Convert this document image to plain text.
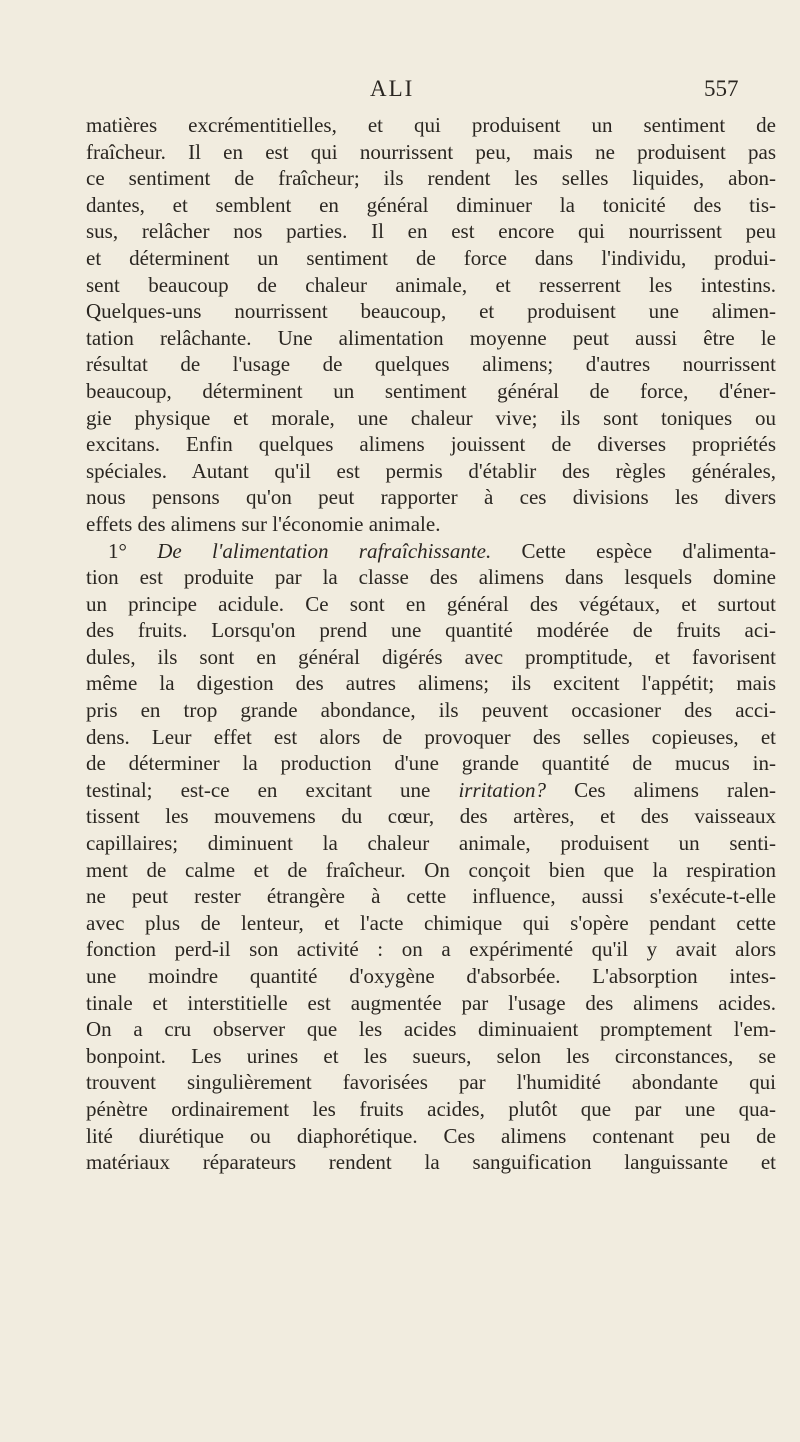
ALI	557
matières excrémentitielles, et qui produisent un sentiment de
fraîcheur. Il en est qui nourrissent peu, mais ne produisent pas
ce sentiment de fraîcheur; ils rendent les selles liquides, abon-
dantes, et semblent en général diminuer la tonicité des tis-
sus, relâcher nos parties. Il en est encore qui nourrissent peu
et déterminent un sentiment de force dans l'individu, produi-
sent beaucoup de chaleur animale, et resserrent les intestins.
Quelques-uns nourrissent beaucoup, et produisent une alimen-
tation relâchante. Une alimentation moyenne peut aussi être le
résultat de l'usage de quelques alimens; d'autres nourrissent
beaucoup, déterminent un sentiment général de force, d'éner-
gie physique et morale, une chaleur vive; ils sont toniques ou
excitans. Enfin quelques alimens jouissent de diverses propriétés
spéciales. Autant qu'il est permis d'établir des règles générales,
nous pensons qu'on peut rapporter à ces divisions les divers
effets des alimens sur l'économie animale.
1° De l'alimentation rafraîchissante. Cette espèce d'alimenta-
tion est produite par la classe des alimens dans lesquels domine
un principe acidule. Ce sont en général des végétaux, et surtout
des fruits. Lorsqu'on prend une quantité modérée de fruits aci-
dules, ils sont en général digérés avec promptitude, et favorisent
même la digestion des autres alimens; ils excitent l'appétit; mais
pris en trop grande abondance, ils peuvent occasioner des acci-
dens. Leur effet est alors de provoquer des selles copieuses, et
de déterminer la production d'une grande quantité de mucus in-
testinal; est-ce en excitant une irritation? Ces alimens ralen-
tissent les mouvemens du cœur, des artères, et des vaisseaux
capillaires; diminuent la chaleur animale, produisent un senti-
ment de calme et de fraîcheur. On conçoit bien que la respiration
ne peut rester étrangère à cette influence, aussi s'exécute-t-elle
avec plus de lenteur, et l'acte chimique qui s'opère pendant cette
fonction perd-il son activité : on a expérimenté qu'il y avait alors
une moindre quantité d'oxygène d'absorbée. L'absorption intes-
tinale et interstitielle est augmentée par l'usage des alimens acides.
On a cru observer que les acides diminuaient promptement l'em-
bonpoint. Les urines et les sueurs, selon les circonstances, se
trouvent singulièrement favorisées par l'humidité abondante qui
pénètre ordinairement les fruits acides, plutôt que par une qua-
lité diurétique ou diaphorétique. Ces alimens contenant peu de
matériaux réparateurs rendent la sanguification languissante et
